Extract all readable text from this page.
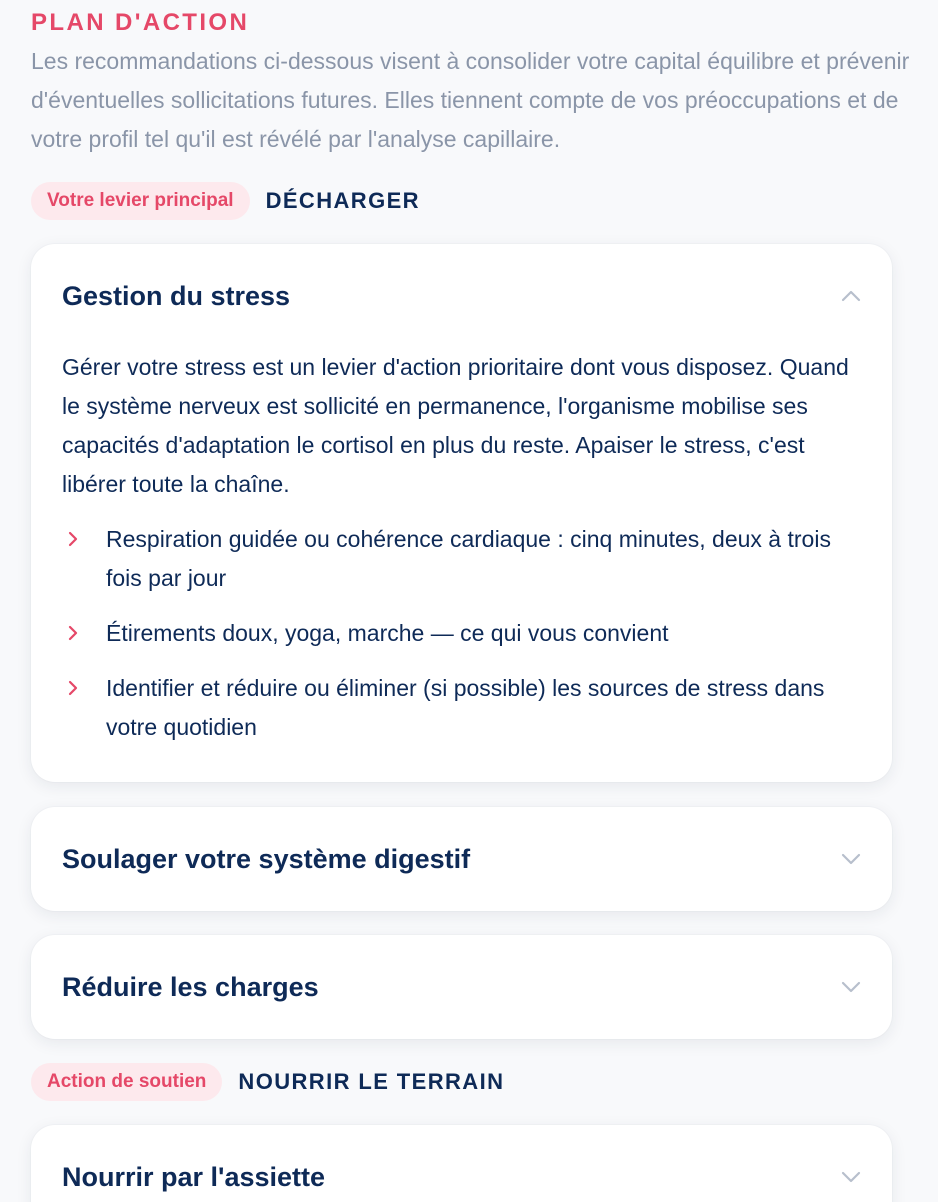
PLAN D'ACTION
Les recommandations ci-dessous visent à consolider votre capital équilibre et prévenir d'éventuelles sollicitations futures. Elles tiennent compte de vos préoccupations et de votre profil tel qu'il est révélé par l'analyse capillaire.
Votre levier principal	DÉCHARGER
Gestion du stress

Gérer votre stress est un levier d'action prioritaire dont vous disposez. Quand le système nerveux est sollicité en permanence, l'organisme mobilise ses capacités d'adaptation le cortisol en plus du reste. Apaiser le stress, c'est libérer toute la chaîne.

Respiration guidée ou cohérence cardiaque : cinq minutes, deux à trois fois par jour
Étirements doux, yoga, marche — ce qui vous convient
Identifier et réduire ou éliminer (si possible) les sources de stress dans votre quotidien
Soulager votre système digestif
Réduire les charges
Action de soutien	NOURRIR LE TERRAIN
Nourrir par l'assiette
